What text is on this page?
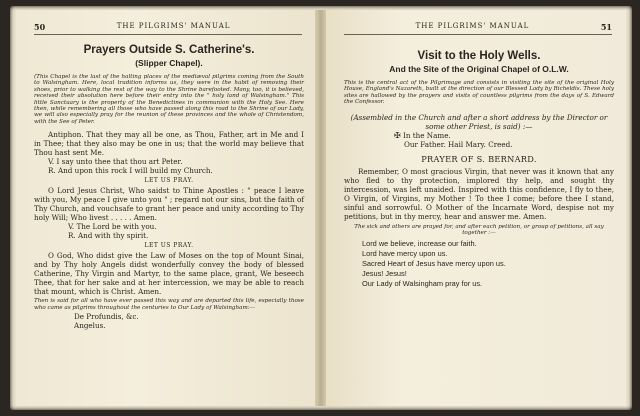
50	THE PILGRIMS' MANUAL

Prayers Outside S. Catherine's.

(Slipper Chapel).

(This Chapel is the last of the halting places of the mediæval pilgrims coming from the South to Walsingham. Here, local tradition informs us, they were in the habit of removing their shoes, prior to walking the rest of the way to the Shrine barefooted. Many, too, it is believed, received their absolution here before their entry into the " holy land of Walsingham." This little Sanctuary is the property of the Benedictines in communion with the Holy See. Here then, while remembering all those who have passed along this road to the Shrine of our Lady, we will also especially pray for the reunion of these provinces and the whole of Christendom, with the See of Peter.

Antiphon. That they may all be one, as Thou, Father, art in Me and I in Thee; that they also may be one in us; that the world may believe that Thou hast sent Me.

V. I say unto thee that thou art Peter.

R. And upon this rock I will build my Church.

LET US PRAY.

O Lord Jesus Christ, Who saidst to Thine Apostles : " peace I leave with you, My peace I give unto you " ; regard not our sins, but the faith of Thy Church, and vouchsafe to grant her peace and unity according to Thy holy Will; Who livest . . . . . Amen.

V. The Lord be with you.

R. And with thy spirit.

LET US PRAY.

O God, Who didst give the Law of Moses on the top of Mount Sinai, and by Thy holy Angels didst wonderfully convey the body of blessed Catherine, Thy Virgin and Martyr, to the same place, grant, We beseech Thee, that for her sake and at her intercession, we may be able to reach that mount, which is Christ. Amen.

Then is said for all who have ever passed this way and are departed this life, especially those who came as pilgrims throughout the centuries to Our Lady of Walsingham:—

De Profundis, &c.

Angelus.

THE PILGRIMS' MANUAL	51

Visit to the Holy Wells.

And the Site of the Original Chapel of O.L.W.

This is the central act of the Pilgrimage and consists in visiting the site of the original Holy House, England's Nazareth, built at the direction of our Blessed Lady by Richeldis. These holy sites are hallowed by the prayers and visits of countless pilgrims from the days of S. Edward the Confessor.

(Assembled in the Church and after a short address by the Director or some other Priest, is said) :—

✠ In the Name.

Our Father. Hail Mary. Creed.

PRAYER OF S. BERNARD.

Remember, O most gracious Virgin, that never was it known that any who fled to thy protection, implored thy help, and sought thy intercession, was left unaided. Inspired with this confidence, I fly to thee, O Virgin, of Virgins, my Mother ! To thee I come; before thee I stand, sinful and sorrowful. O Mother of the Incarnate Word, despise not my petitions, but in thy mercy, hear and answer me. Amen.

The sick and others are prayed for, and after each petition, or group of petitions, all say together :—

Lord we believe, increase our faith.

Lord have mercy upon us.

Sacred Heart of Jesus have mercy upon us.

Jesus! Jesus!

Our Lady of Walsingham pray for us.
